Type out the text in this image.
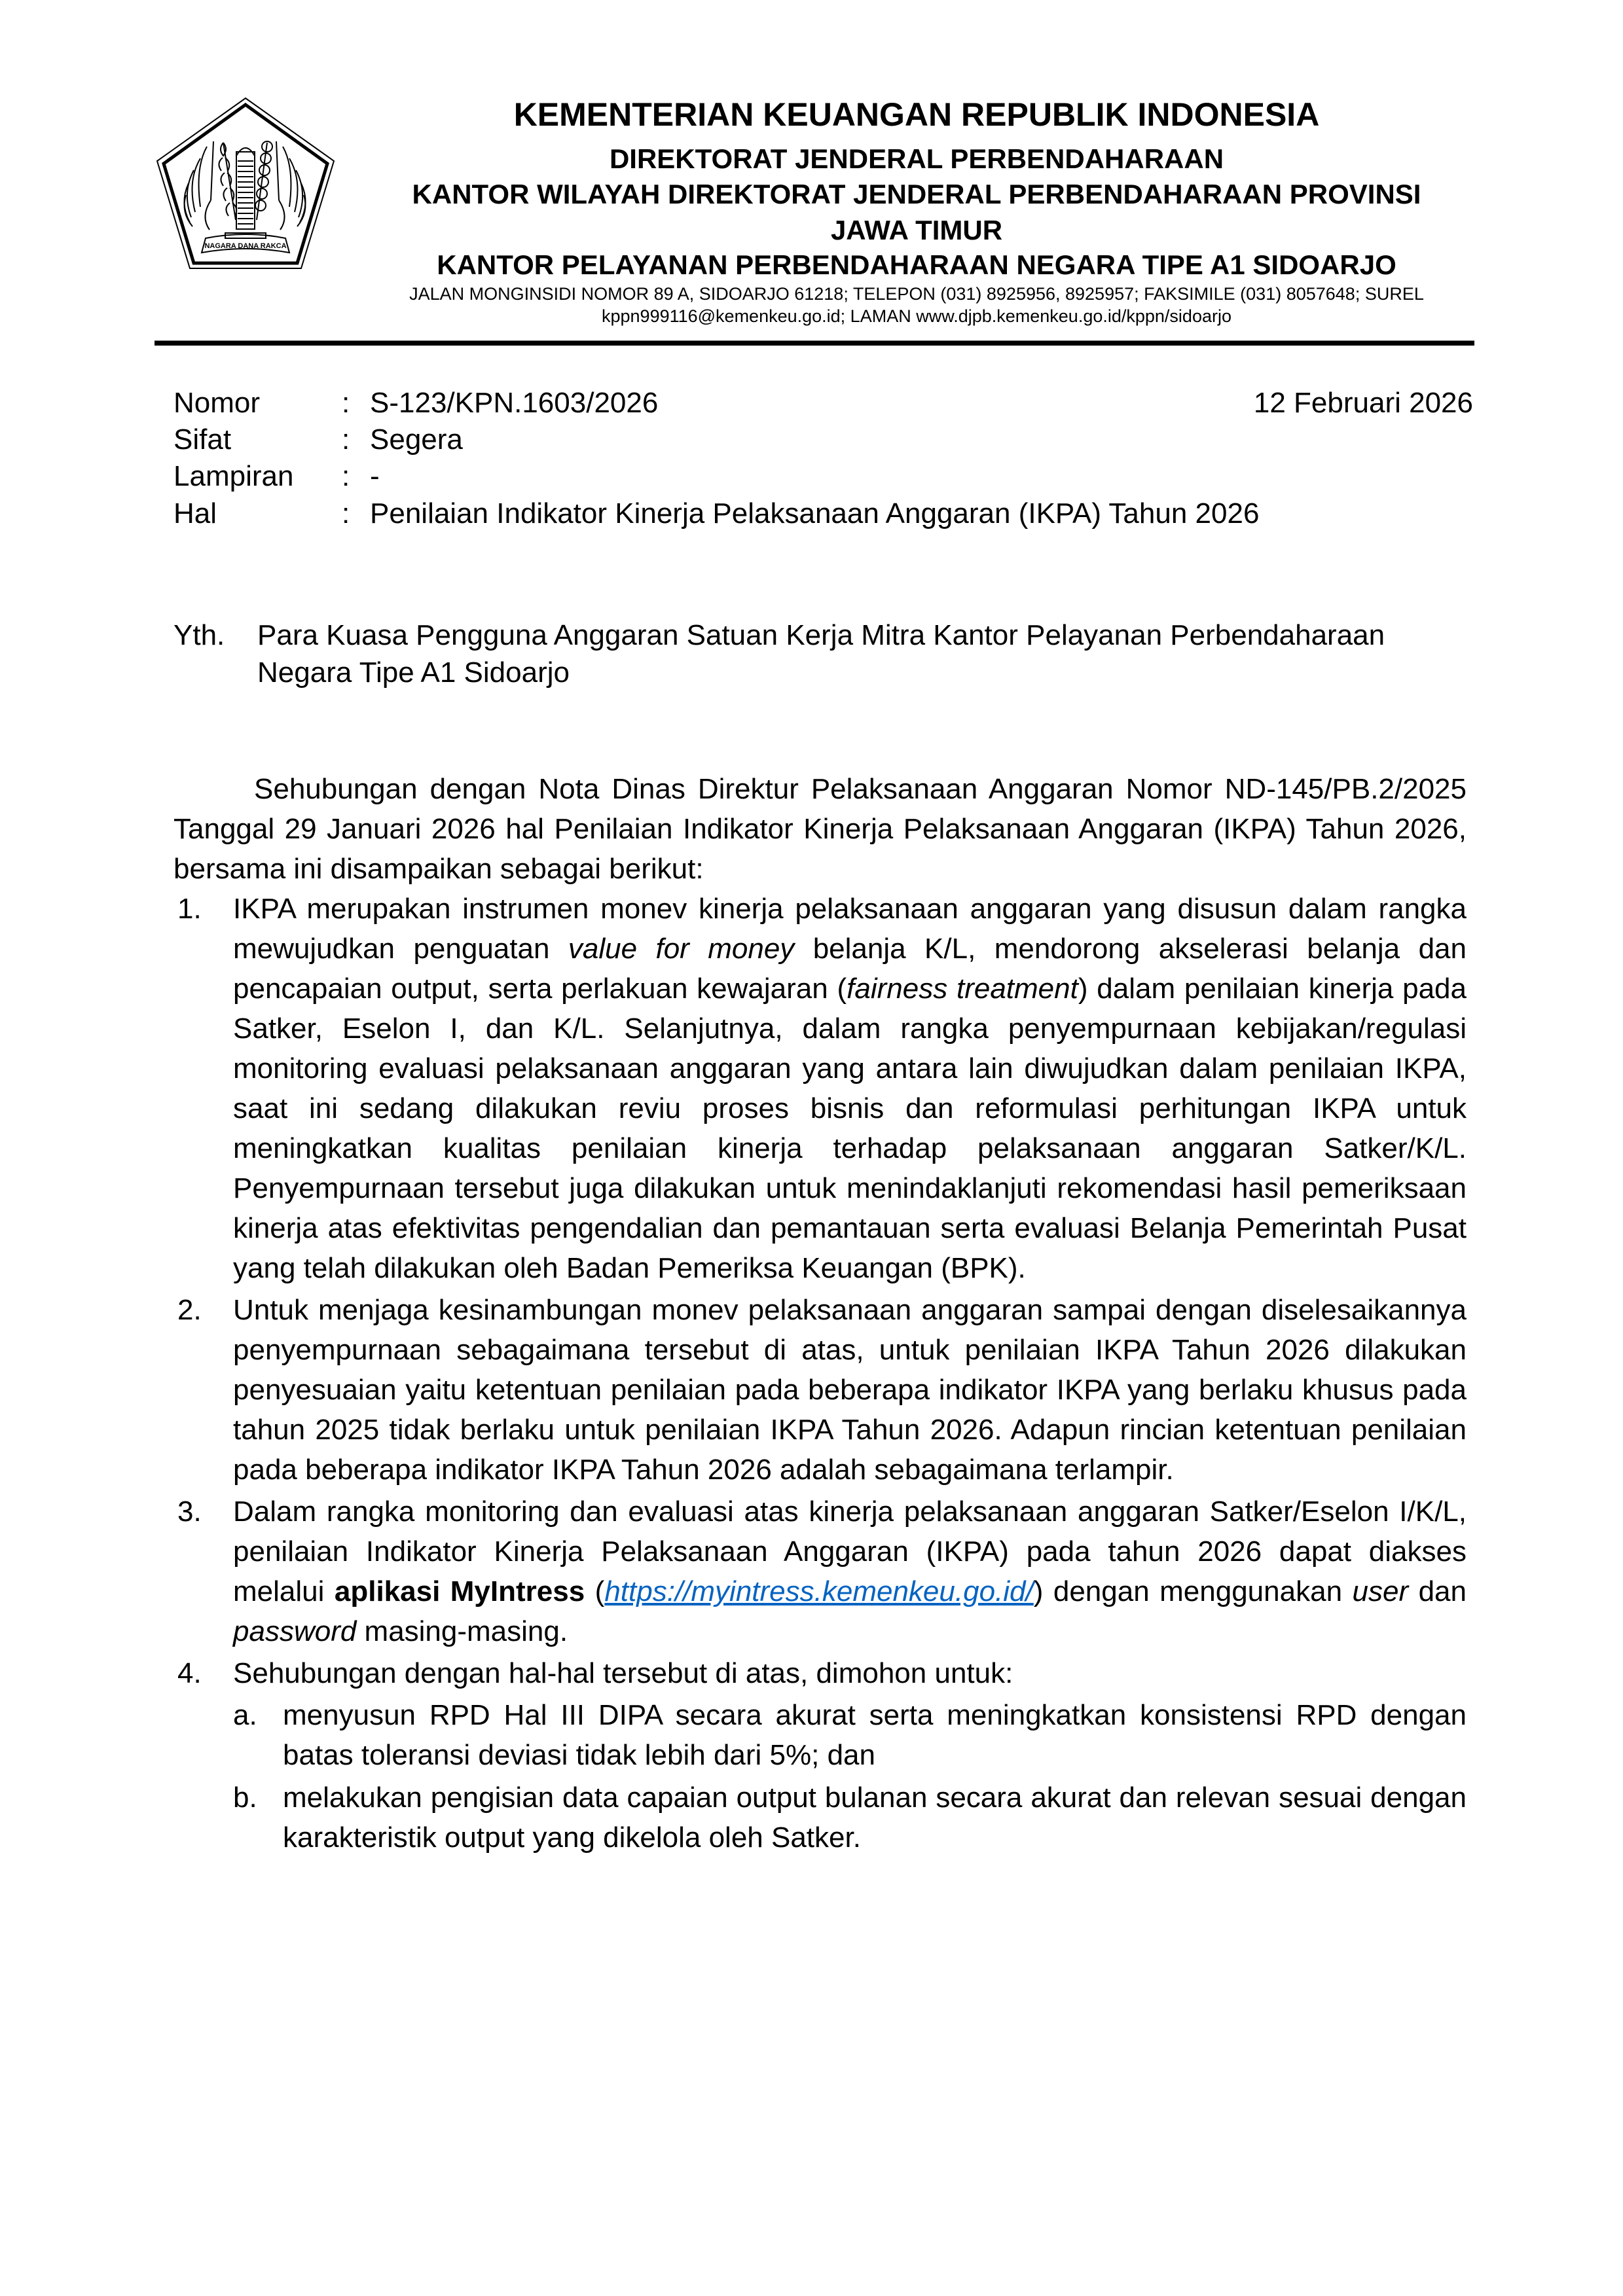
NAGARA DANA RAKCA
KEMENTERIAN KEUANGAN REPUBLIK INDONESIA
DIREKTORAT JENDERAL PERBENDAHARAAN
KANTOR WILAYAH DIREKTORAT JENDERAL PERBENDAHARAAN PROVINSI
JAWA TIMUR
KANTOR PELAYANAN PERBENDAHARAAN NEGARA TIPE A1 SIDOARJO
JALAN MONGINSIDI NOMOR 89 A, SIDOARJO 61218; TELEPON (031) 8925956, 8925957; FAKSIMILE (031) 8057648; SUREL
kppn999116@kemenkeu.go.id; LAMAN www.djpb.kemenkeu.go.id/kppn/sidoarjo
Nomor	: S-123/KPN.1603/2026	12 Februari 2026
Sifat	: Segera
Lampiran : -
Hal	: Penilaian Indikator Kinerja Pelaksanaan Anggaran (IKPA) Tahun 2026
Yth. Para Kuasa Pengguna Anggaran Satuan Kerja Mitra Kantor Pelayanan Perbendaharaan Negara Tipe A1 Sidoarjo

Sehubungan dengan Nota Dinas Direktur Pelaksanaan Anggaran Nomor ND-145/PB.2/2025 Tanggal 29 Januari 2026 hal Penilaian Indikator Kinerja Pelaksanaan Anggaran (IKPA) Tahun 2026, bersama ini disampaikan sebagai berikut:

1. IKPA merupakan instrumen monev kinerja pelaksanaan anggaran yang disusun dalam rangka mewujudkan penguatan value for money belanja K/L, mendorong akselerasi belanja dan pencapaian output, serta perlakuan kewajaran (fairness treatment) dalam penilaian kinerja pada Satker, Eselon I, dan K/L. Selanjutnya, dalam rangka penyempurnaan kebijakan/regulasi monitoring evaluasi pelaksanaan anggaran yang antara lain diwujudkan dalam penilaian IKPA, saat ini sedang dilakukan reviu proses bisnis dan reformulasi perhitungan IKPA untuk meningkatkan kualitas penilaian kinerja terhadap pelaksanaan anggaran Satker/K/L. Penyempurnaan tersebut juga dilakukan untuk menindaklanjuti rekomendasi hasil pemeriksaan kinerja atas efektivitas pengendalian dan pemantauan serta evaluasi Belanja Pemerintah Pusat yang telah dilakukan oleh Badan Pemeriksa Keuangan (BPK).
2. Untuk menjaga kesinambungan monev pelaksanaan anggaran sampai dengan diselesaikannya penyempurnaan sebagaimana tersebut di atas, untuk penilaian IKPA Tahun 2026 dilakukan penyesuaian yaitu ketentuan penilaian pada beberapa indikator IKPA yang berlaku khusus pada tahun 2025 tidak berlaku untuk penilaian IKPA Tahun 2026. Adapun rincian ketentuan penilaian pada beberapa indikator IKPA Tahun 2026 adalah sebagaimana terlampir.
3. Dalam rangka monitoring dan evaluasi atas kinerja pelaksanaan anggaran Satker/Eselon I/K/L, penilaian Indikator Kinerja Pelaksanaan Anggaran (IKPA) pada tahun 2026 dapat diakses melalui aplikasi MyIntress (https://myintress.kemenkeu.go.id/) dengan menggunakan user dan password masing-masing.
4. Sehubungan dengan hal-hal tersebut di atas, dimohon untuk:
a. menyusun RPD Hal III DIPA secara akurat serta meningkatkan konsistensi RPD dengan batas toleransi deviasi tidak lebih dari 5%; dan
b. melakukan pengisian data capaian output bulanan secara akurat dan relevan sesuai dengan karakteristik output yang dikelola oleh Satker.
